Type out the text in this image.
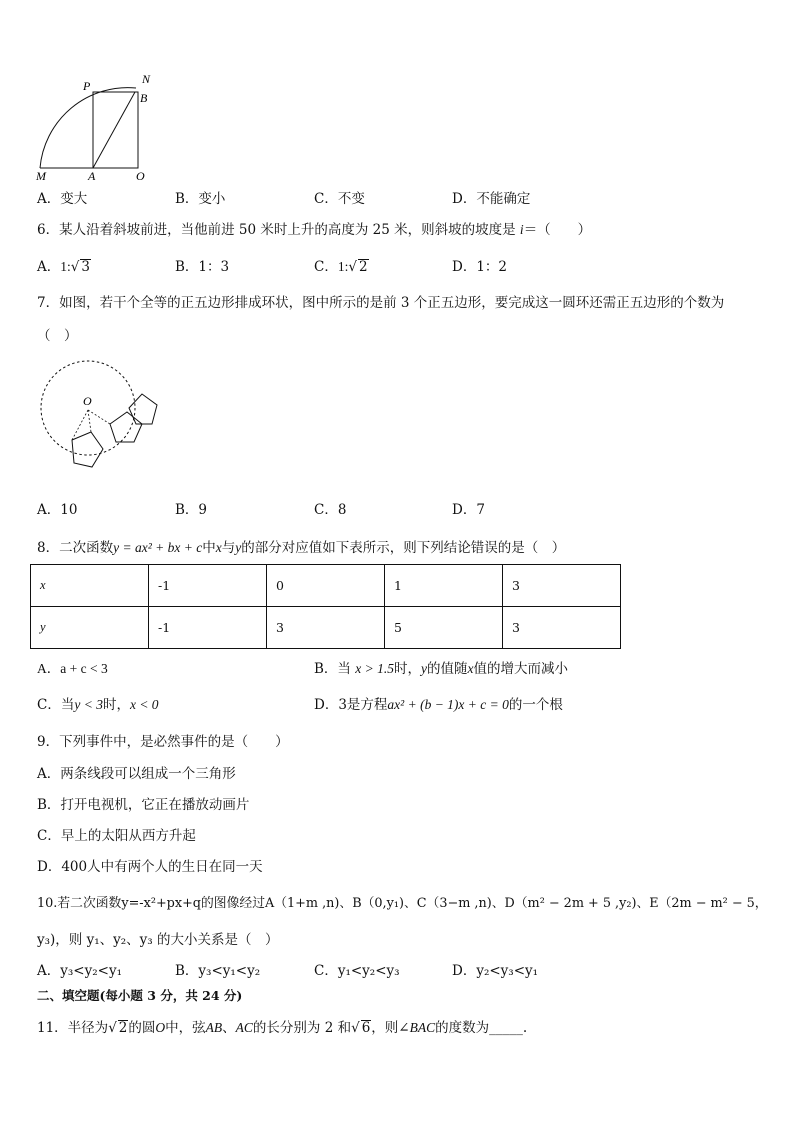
P	N
B
M	A	O
A．变大	B．变小	C．不变	D．不能确定
6．某人沿着斜坡前进，当他前进 50 米时上升的高度为 25 米，则斜坡的坡度是 i＝（　　）
A．1:√ 3	B．1：3	C．1:√ 2	D．1：2
7．如图，若干个全等的正五边形排成环状，图中所示的是前 3 个正五边形，要完成这一圆环还需正五边形的个数为
（　）
O
A．10	B．9	C．8	D．7
8．二次函数y = ax² + bx + c中x与y的部分对应值如下表所示，则下列结论错误的是（　）
x	-1	0	1	3
y	-1	3	5	3
A．a + c < 3	B．当 x > 1.5时，y的值随x值的增大而减小
C．当y < 3时，x < 0	D．3是方程ax² + (b − 1)x + c = 0的一个根
9．下列事件中，是必然事件的是（　　）
A．两条线段可以组成一个三角形
B．打开电视机，它正在播放动画片
C．早上的太阳从西方升起
D．400人中有两个人的生日在同一天
10.若二次函数y=-x²+px+q的图像经过A（1+m ,n)、B（0,y₁)、C（3−m ,n)、D（m² − 2m + 5 ,y₂)、E（2m − m² − 5，
y₃)，则 y₁、y₂、y₃ 的大小关系是（　）
A．y₃<y₂<y₁	B．y₃<y₁<y₂	C．y₁<y₂<y₃	D．y₂<y₃<y₁
二、填空题(每小题 3 分，共 24 分)
11．半径为√ 2的圆O中，弦AB、AC的长分别为 2 和√ 6，则∠BAC的度数为_____.
